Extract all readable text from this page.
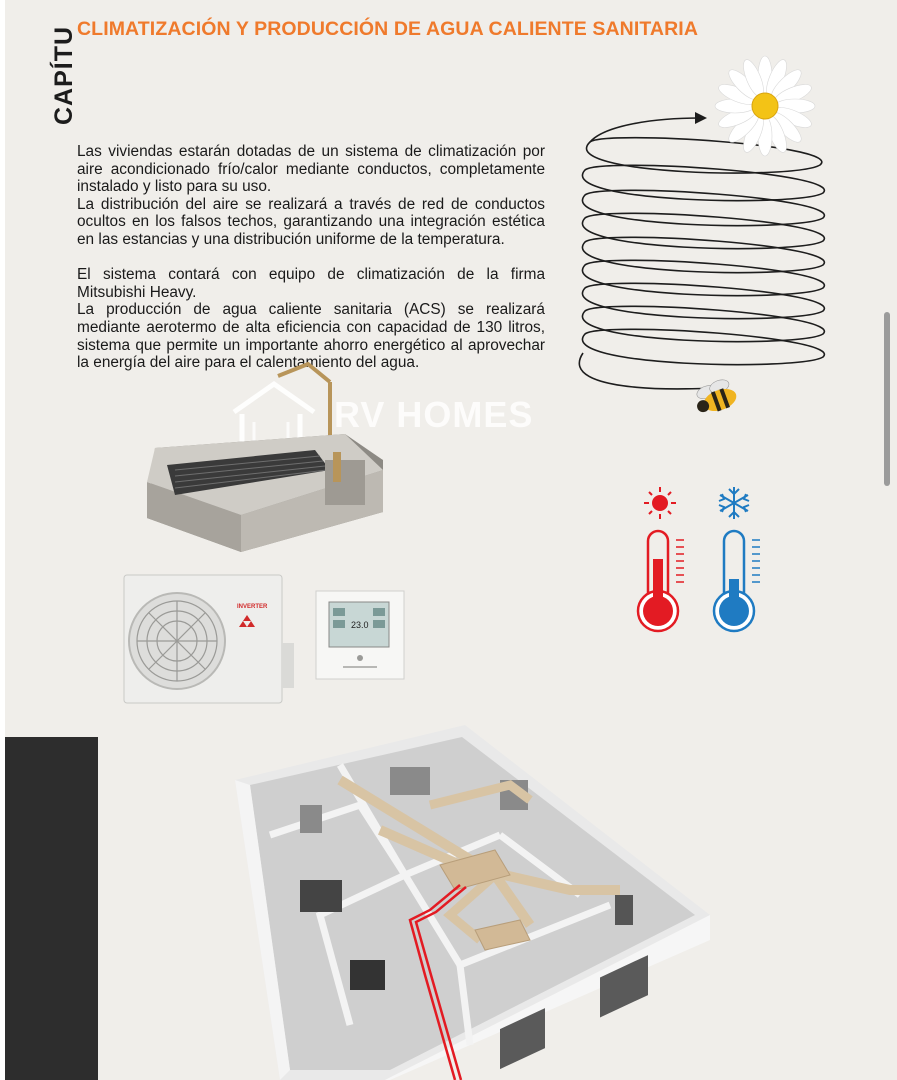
CAPÍTU CLIMATIZACIÓN Y PRODUCCIÓN DE AGUA CALIENTE SANITARIA

Las viviendas estarán dotadas de un sistema de climatización por aire acondicionado frío/calor mediante conductos, completamente instalado y listo para su uso.

La distribución del aire se realizará a través de red de conductos ocultos en los falsos techos, garantizando una integración estética en las estancias y una distribución uniforme de la temperatura.

El sistema contará con equipo de climatización de la firma Mitsubishi Heavy.

La producción de agua caliente sanitaria (ACS) se realizará mediante aerotermo de alta eficiencia con capacidad de 130 litros, sistema que permite un importante ahorro energético al aprovechar la energía del aire para el calentamiento del agua.

RV HOMES
INVERTER
23.0
